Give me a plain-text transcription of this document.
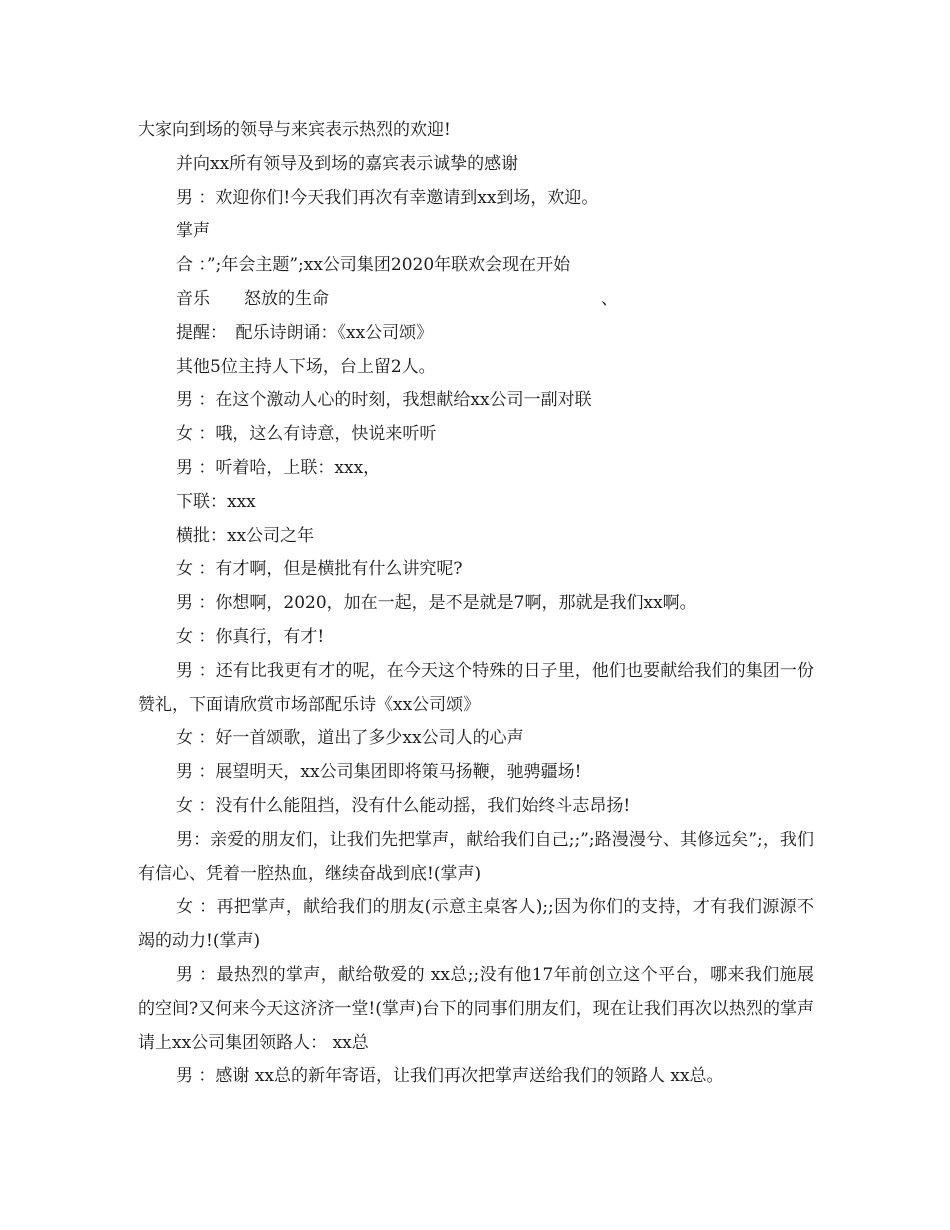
大家向到场的领导与来宾表示热烈的欢迎!
并向xx所有领导及到场的嘉宾表示诚挚的感谢
男 ：欢迎你们!今天我们再次有幸邀请到xx到场，欢迎。
掌声
合 ：”;年会主题”;xx公司集团2020年联欢会现在开始
音乐　　怒放的生命　　　　　　　　　　　　　　　　、
提醒：　配乐诗朗诵：《xx公司颂》
其他5位主持人下场，台上留2人。
男 ：在这个激动人心的时刻，我想献给xx公司一副对联
女 ：哦，这么有诗意，快说来听听
男 ：听着哈，上联：xxx，
下联：xxx
横批：xx公司之年
女 ：有才啊，但是横批有什么讲究呢?
男 ：你想啊，2020，加在一起，是不是就是7啊，那就是我们xx啊。
女 ：你真行，有才!

男 ：还有比我更有才的呢，在今天这个特殊的日子里，他们也要献给我们的集团一份赞礼，下面请欣赏市场部配乐诗《xx公司颂》

女 ：好一首颂歌，道出了多少xx公司人的心声

男 ：展望明天，xx公司集团即将策马扬鞭，驰骋疆场!

女 ：没有什么能阻挡，没有什么能动摇，我们始终斗志昂扬!

男：亲爱的朋友们，让我们先把掌声，献给我们自己;;”;路漫漫兮、其修远矣”;，我们有信心、凭着一腔热血，继续奋战到底!(掌声)

女 ：再把掌声，献给我们的朋友(示意主桌客人);;因为你们的支持，才有我们源源不竭的动力!(掌声)

男 ：最热烈的掌声，献给敬爱的 xx总;;没有他17年前创立这个平台，哪来我们施展的空间?又何来今天这济济一堂!(掌声)台下的同事们朋友们，现在让我们再次以热烈的掌声请上xx公司集团领路人： xx总

男 ：感谢 xx总的新年寄语，让我们再次把掌声送给我们的领路人 xx总。
